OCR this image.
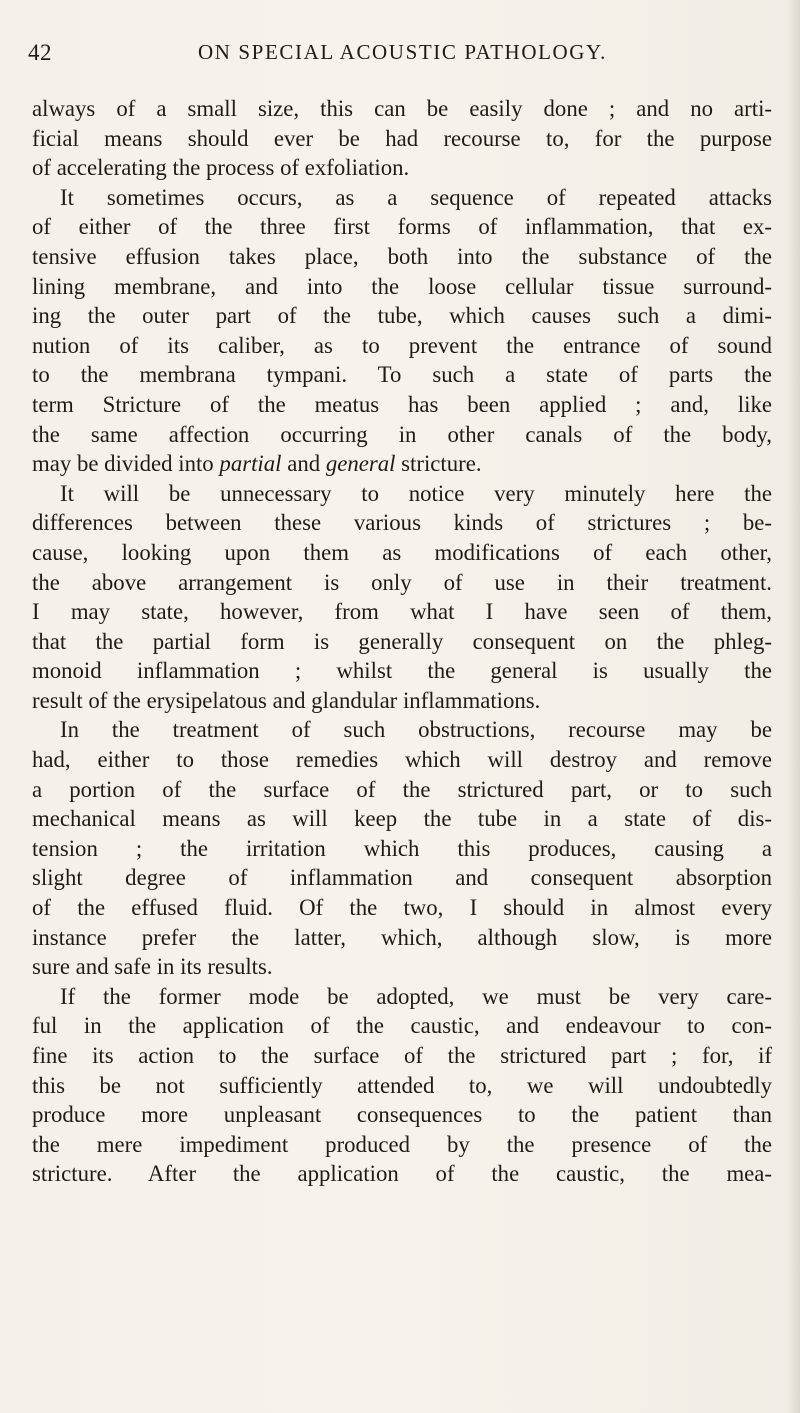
42	ON SPECIAL ACOUSTIC PATHOLOGY.
always of a small size, this can be easily done ; and no arti-
ficial means should ever be had recourse to, for the purpose
of accelerating the process of exfoliation.
It sometimes occurs, as a sequence of repeated attacks
of either of the three first forms of inflammation, that ex-
tensive effusion takes place, both into the substance of the
lining membrane, and into the loose cellular tissue surround-
ing the outer part of the tube, which causes such a dimi-
nution of its caliber, as to prevent the entrance of sound
to the membrana tympani. To such a state of parts the
term Stricture of the meatus has been applied ; and, like
the same affection occurring in other canals of the body,
may be divided into partial and general stricture.
It will be unnecessary to notice very minutely here the
differences between these various kinds of strictures ; be-
cause, looking upon them as modifications of each other,
the above arrangement is only of use in their treatment.
I may state, however, from what I have seen of them,
that the partial form is generally consequent on the phleg-
monoid inflammation ; whilst the general is usually the
result of the erysipelatous and glandular inflammations.
In the treatment of such obstructions, recourse may be
had, either to those remedies which will destroy and remove
a portion of the surface of the strictured part, or to such
mechanical means as will keep the tube in a state of dis-
tension ; the irritation which this produces, causing a
slight degree of inflammation and consequent absorption
of the effused fluid. Of the two, I should in almost every
instance prefer the latter, which, although slow, is more
sure and safe in its results.
If the former mode be adopted, we must be very care-
ful in the application of the caustic, and endeavour to con-
fine its action to the surface of the strictured part ; for, if
this be not sufficiently attended to, we will undoubtedly
produce more unpleasant consequences to the patient than
the mere impediment produced by the presence of the
stricture. After the application of the caustic, the mea-
